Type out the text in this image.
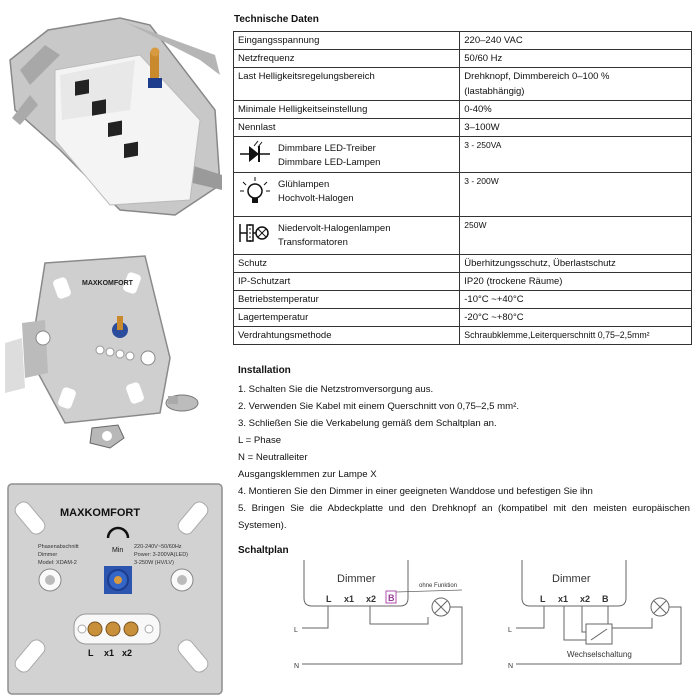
MAXKOMFORT
MAXKOMFORT
Phasenabschnitt
Dimmer
Model: XDAM-2
220-240V~50/60Hz
Power: 3-200VA(LED)
3-250W (HV/LV)
Min
L x1 x2
Technische Daten
Eingangsspannung	220–240 VAC
Netzfrequenz	50/60 Hz
Last Helligkeitsregelungsbereich	Drehknopf, Dimmbereich 0–100 %
(lastabhängig)

Minimale Helligkeitseinstellung	0-40%
Nennlast	3–100W

Dimmbare LED-Treiber
Dimmbare LED-Lampen	3 - 250VA

Glühlampen
Hochvolt-Halogen	3 - 200W

Niedervolt-Halogenlampen
Transformatoren	250W
Schutz	Überhitzungsschutz, Überlastschutz
IP-Schutzart	IP20 (trockene Räume)
Betriebstemperatur	-10°C ~+40°C
Lagertemperatur	-20°C ~+80°C
Verdrahtungsmethode	Schraubklemme,Leiterquerschnitt 0,75–2,5mm²
Installation

1. Schalten Sie die Netzstromversorgung aus.

2. Verwenden Sie Kabel mit einem Querschnitt von 0,75–2,5 mm².

3. Schließen Sie die Verkabelung gemäß dem Schaltplan an.

L = Phase

N = Neutralleiter

Ausgangsklemmen zur Lampe X

4. Montieren Sie den Dimmer in einer geeigneten Wanddose und befestigen Sie ihn

5. Bringen Sie die Abdeckplatte und den Drehknopf an (kompatibel mit den meisten europäischen Systemen).

Schaltplan
Dimmer
L x1 x2 B
ohne Funktion
L
N
Dimmer
L x1 x2 B
L
N
Wechselschaltung
